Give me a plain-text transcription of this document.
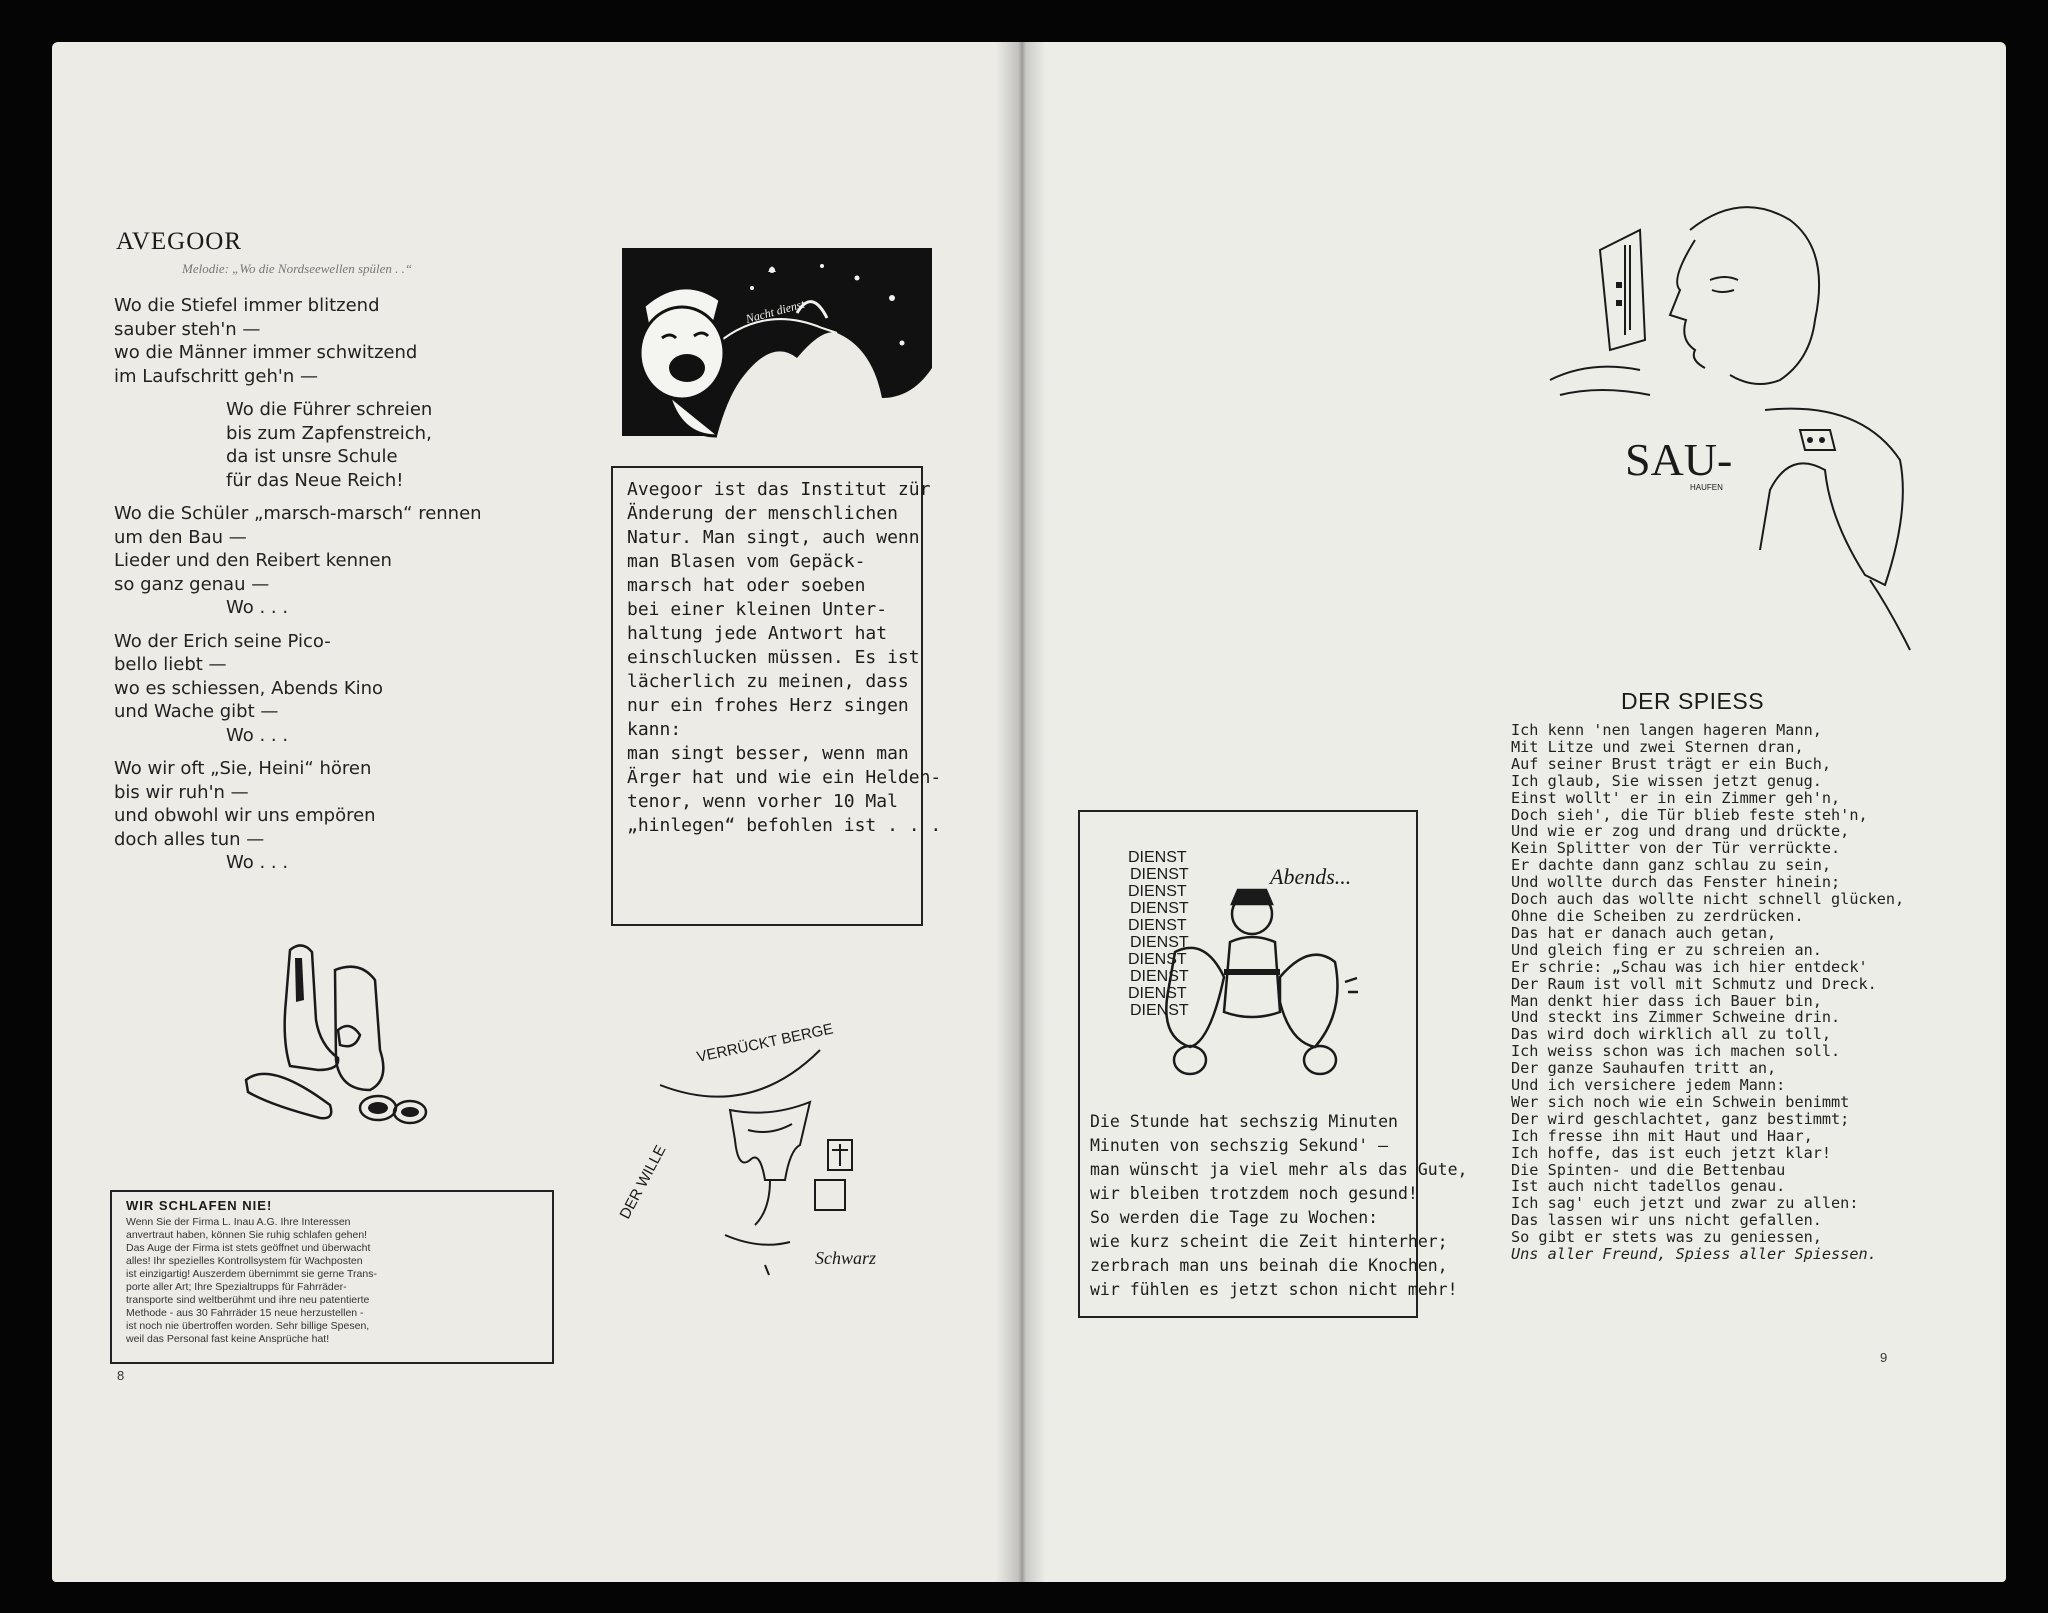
AVEGOOR
Melodie: „Wo die Nordseewellen spülen . .“

Wo die Stiefel immer blitzend

sauber steh'n —

wo die Männer immer schwitzend

im Laufschritt geh'n —

Wo die Führer schreien

bis zum Zapfenstreich,

da ist unsre Schule

für das Neue Reich!

Wo die Schüler „marsch-marsch“ rennen

um den Bau —

Lieder und den Reibert kennen

so ganz genau —

Wo . . .

Wo der Erich seine Pico-

bello liebt —

wo es schiessen, Abends Kino

und Wache gibt —

Wo . . .

Wo wir oft „Sie, Heini“ hören

bis wir ruh'n —

und obwohl wir uns empören

doch alles tun —

Wo . . .

Nacht dienst

Avegoor ist das Institut zür

Änderung der menschlichen

Natur. Man singt, auch wenn

man Blasen vom Gepäck-

marsch hat oder soeben

bei einer kleinen Unter-

haltung jede Antwort hat

einschlucken müssen. Es ist

lächerlich zu meinen, dass

nur ein frohes Herz singen

kann:

man singt besser, wenn man

Ärger hat und wie ein Helden-

tenor, wenn vorher 10 Mal

„hinlegen“ befohlen ist . . .

WIR SCHLAFEN NIE!

Wenn Sie der Firma L. Inau A.G. Ihre Interessen

anvertraut haben, können Sie ruhig schlafen gehen!

Das Auge der Firma ist stets geöffnet und überwacht

alles! Ihr spezielles Kontrollsystem für Wachposten

ist einzigartig! Auszerdem übernimmt sie gerne Trans-

porte aller Art; Ihre Spezialtrupps für Fahrräder-

transporte sind weltberühmt und ihre neu patentierte

Methode - aus 30 Fahrräder 15 neue herzustellen -

ist noch nie übertroffen worden. Sehr billige Spesen,

weil das Personal fast keine Ansprüche hat!

DER WILLE
VERRÜCKT BERGE
Schwarz
8
SAU-
HAUFEN
DIENST
DIENST
DIENST
DIENST
DIENST
DIENST
DIENST
DIENST
DIENST
DIENST
Abends...

Die Stunde hat sechszig Minuten

Minuten von sechszig Sekund' —

man wünscht ja viel mehr als das Gute,

wir bleiben trotzdem noch gesund!

So werden die Tage zu Wochen:

wie kurz scheint die Zeit hinterher;

zerbrach man uns beinah die Knochen,

wir fühlen es jetzt schon nicht mehr!

DER SPIESS

Ich kenn 'nen langen hageren Mann,

Mit Litze und zwei Sternen dran,

Auf seiner Brust trägt er ein Buch,

Ich glaub, Sie wissen jetzt genug.

Einst wollt' er in ein Zimmer geh'n,

Doch sieh', die Tür blieb feste steh'n,

Und wie er zog und drang und drückte,

Kein Splitter von der Tür verrückte.

Er dachte dann ganz schlau zu sein,

Und wollte durch das Fenster hinein;

Doch auch das wollte nicht schnell glücken,

Ohne die Scheiben zu zerdrücken.

Das hat er danach auch getan,

Und gleich fing er zu schreien an.

Er schrie: „Schau was ich hier entdeck'

Der Raum ist voll mit Schmutz und Dreck.

Man denkt hier dass ich Bauer bin,

Und steckt ins Zimmer Schweine drin.

Das wird doch wirklich all zu toll,

Ich weiss schon was ich machen soll.

Der ganze Sauhaufen tritt an,

Und ich versichere jedem Mann:

Wer sich noch wie ein Schwein benimmt

Der wird geschlachtet, ganz bestimmt;

Ich fresse ihn mit Haut und Haar,

Ich hoffe, das ist euch jetzt klar!

Die Spinten- und die Bettenbau

Ist auch nicht tadellos genau.

Ich sag' euch jetzt und zwar zu allen:

Das lassen wir uns nicht gefallen.

So gibt er stets was zu geniessen,

Uns aller Freund, Spiess aller Spiessen.

9
